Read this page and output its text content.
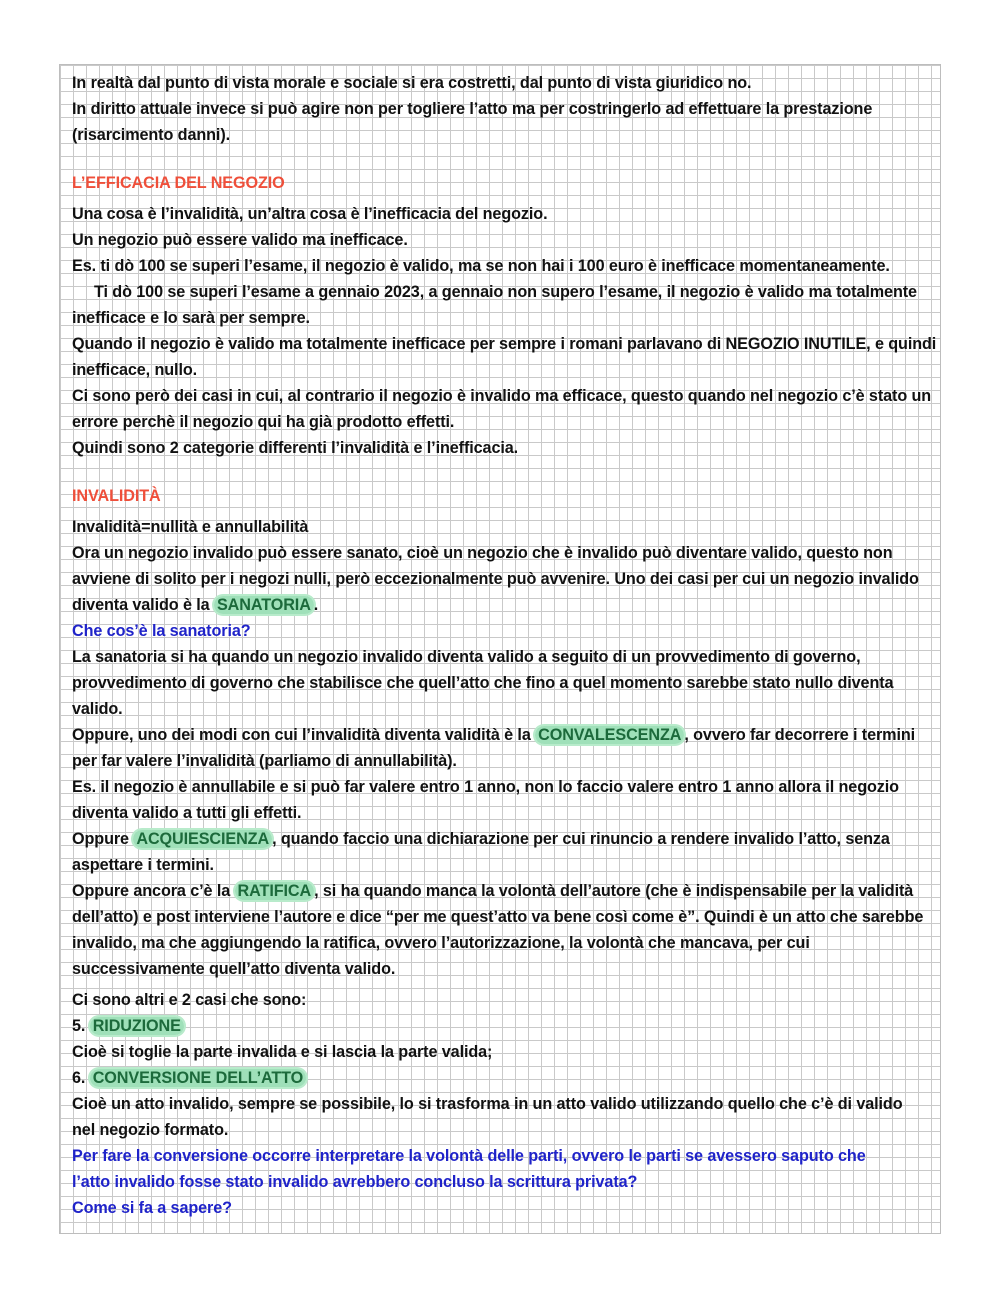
In realtà dal punto di vista morale e sociale si era costretti, dal punto di vista giuridico no.
In diritto attuale invece si può agire non per togliere l’atto ma per costringerlo ad effettuare la prestazione
(risarcimento danni).
L’EFFICACIA DEL NEGOZIO
Una cosa è l’invalidità, un’altra cosa è l’inefficacia del negozio.
Un negozio può essere valido ma inefficace.
Es. ti dò 100 se superi l’esame, il negozio è valido, ma se non hai i 100 euro è inefficace momentaneamente.
Ti dò 100 se superi l’esame a gennaio 2023, a gennaio non supero l’esame, il negozio è valido ma totalmente
inefficace e lo sarà per sempre.
Quando il negozio è valido ma totalmente inefficace per sempre i romani parlavano di NEGOZIO INUTILE, e quindi
inefficace, nullo.
Ci sono però dei casi in cui, al contrario il negozio è invalido ma efficace, questo quando nel negozio c’è stato un
errore perchè il negozio qui ha già prodotto effetti.
Quindi sono 2 categorie differenti l’invalidità e l’inefficacia.
INVALIDITÀ
Invalidità=nullità e annullabilità
Ora un negozio invalido può essere sanato, cioè un negozio che è invalido può diventare valido, questo non
avviene di solito per i negozi nulli, però eccezionalmente può avvenire. Uno dei casi per cui un negozio invalido
diventa valido è la SANATORIA .
Che cos’è la sanatoria?
La sanatoria si ha quando un negozio invalido diventa valido a seguito di un provvedimento di governo,
provvedimento di governo che stabilisce che quell’atto che fino a quel momento sarebbe stato nullo diventa
valido.
Oppure, uno dei modi con cui l’invalidità diventa validità è la CONVALESCENZA , ovvero far decorrere i termini
per far valere l’invalidità (parliamo di annullabilità).
Es. il negozio è annullabile e si può far valere entro 1 anno, non lo faccio valere entro 1 anno allora il negozio
diventa valido a tutti gli effetti.
Oppure ACQUIESCIENZA , quando faccio una dichiarazione per cui rinuncio a rendere invalido l’atto, senza
aspettare i termini.
Oppure ancora c’è la RATIFICA , si ha quando manca la volontà dell’autore (che è indispensabile per la validità
dell’atto) e post interviene l’autore e dice “per me quest’atto va bene così come è”. Quindi è un atto che sarebbe
invalido, ma che aggiungendo la ratifica, ovvero l’autorizzazione, la volontà che mancava, per cui
successivamente quell’atto diventa valido.
Ci sono altri e 2 casi che sono:
5. RIDUZIONE
Cioè si toglie la parte invalida e si lascia la parte valida;
6. CONVERSIONE DELL’ATTO
Cioè un atto invalido, sempre se possibile, lo si trasforma in un atto valido utilizzando quello che c’è di valido
nel negozio formato.
Per fare la conversione occorre interpretare la volontà delle parti, ovvero le parti se avessero saputo che
l’atto invalido fosse stato invalido avrebbero concluso la scrittura privata?
Come si fa a sapere?
